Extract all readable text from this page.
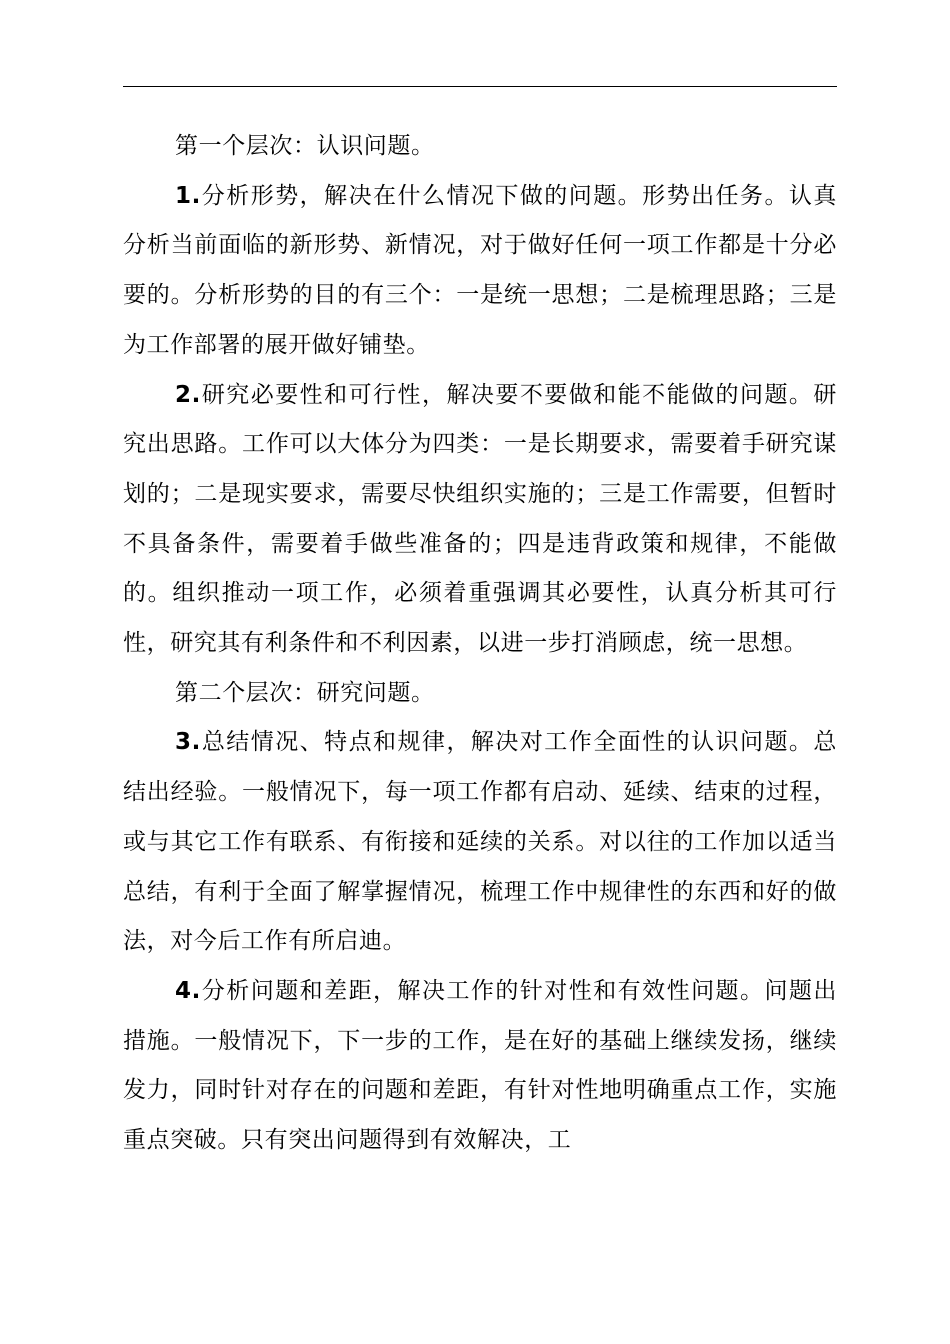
第一个层次：认识问题。

1.分析形势，解决在什么情况下做的问题。形势出任务。认真分析当前面临的新形势、新情况，对于做好任何一项工作都是十分必要的。分析形势的目的有三个：一是统一思想；二是梳理思路；三是为工作部署的展开做好铺垫。

2.研究必要性和可行性，解决要不要做和能不能做的问题。研究出思路。工作可以大体分为四类：一是长期要求，需要着手研究谋划的；二是现实要求，需要尽快组织实施的；三是工作需要，但暂时不具备条件，需要着手做些准备的；四是违背政策和规律，不能做的。组织推动一项工作，必须着重强调其必要性，认真分析其可行性，研究其有利条件和不利因素，以进一步打消顾虑，统一思想。

第二个层次：研究问题。

3.总结情况、特点和规律，解决对工作全面性的认识问题。总结出经验。一般情况下，每一项工作都有启动、延续、结束的过程，或与其它工作有联系、有衔接和延续的关系。对以往的工作加以适当总结，有利于全面了解掌握情况，梳理工作中规律性的东西和好的做法，对今后工作有所启迪。

4.分析问题和差距，解决工作的针对性和有效性问题。问题出措施。一般情况下，下一步的工作，是在好的基础上继续发扬，继续发力，同时针对存在的问题和差距，有针对性地明确重点工作，实施重点突破。只有突出问题得到有效解决，工
